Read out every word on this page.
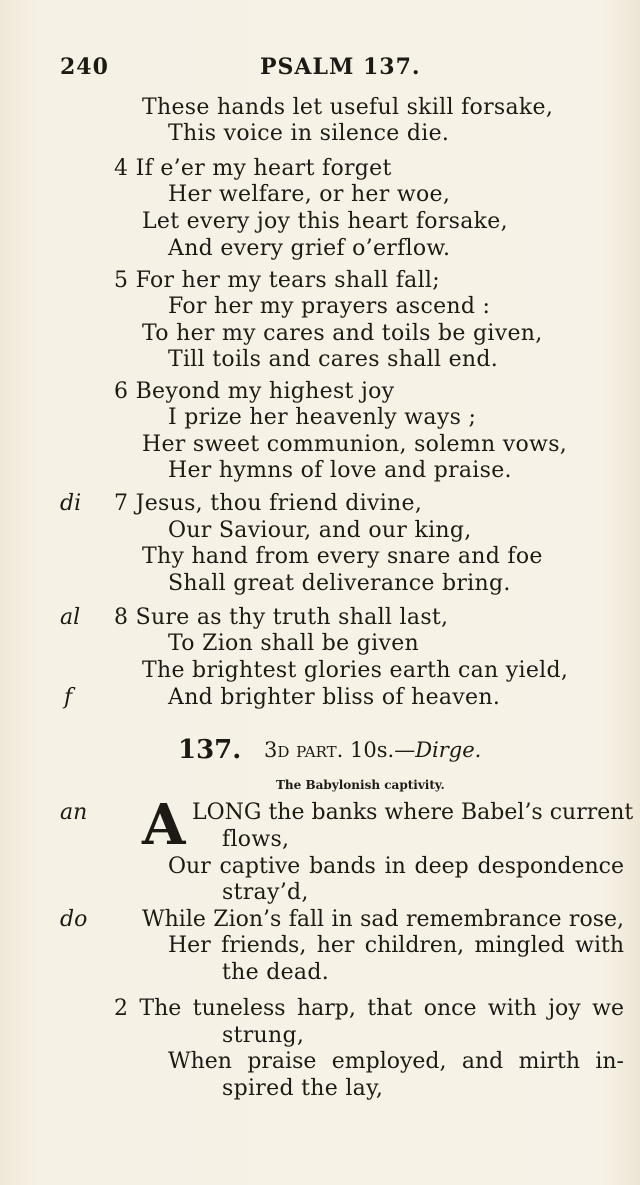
240	PSALM 137.
These hands let useful skill forsake,
This voice in silence die.
4 If e’er my heart forget
Her welfare, or her woe,
Let every joy this heart forsake,
And every grief o’erflow.
5 For her my tears shall fall;
For her my prayers ascend :
To her my cares and toils be given,
Till toils and cares shall end.
6 Beyond my highest joy
I prize her heavenly ways ;
Her sweet communion, solemn vows,
Her hymns of love and praise.
di 7 Jesus, thou friend divine,
Our Saviour, and our king,
Thy hand from every snare and foe
Shall great deliverance bring.
al 8 Sure as thy truth shall last,
To Zion shall be given
The brightest glories earth can yield,
f	And brighter bliss of heaven.
137. 3d part. 10s.—Dirge.
The Babylonish captivity.
an A LONG the banks where Babel’s current
flows,
Our captive bands in deep despondence
stray’d,
do While Zion’s fall in sad remembrance rose,
Her friends, her children, mingled with
the dead.
2 The tuneless harp, that once with joy we
strung,
When praise employed, and mirth in-
spired the lay,
